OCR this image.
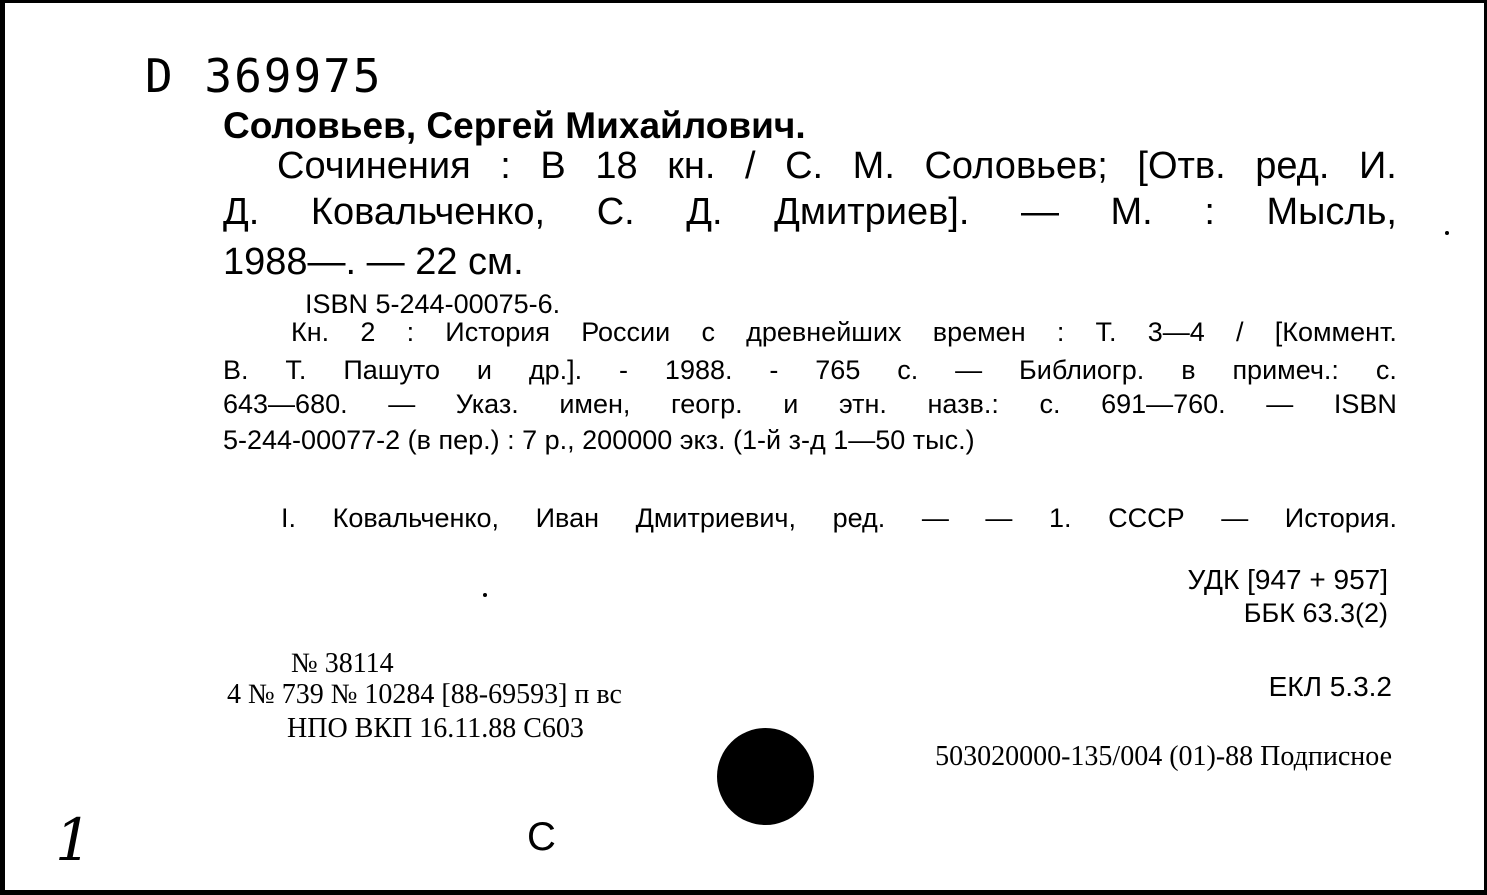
D 369975
Соловьев, Сергей Михайлович.
Сочинения : В 18 кн. / С. М. Соловьев; [Отв. ред. И.
Д. Ковальченко, С. Д. Дмитриев]. — М. : Мысль,
1988—. — 22 см.
ISBN 5-244-00075-6.
Кн. 2 : История России с древнейших времен : Т. 3—4 / [Коммент.
В. Т. Пашуто и др.]. - 1988. - 765 с. — Библиогр. в примеч.: с.
643—680. — Указ. имен, геогр. и этн. назв.: с. 691—760. — ISBN
5-244-00077-2 (в пер.) : 7 р., 200000 экз. (1-й з-д 1—50 тыс.)
I. Ковальченко, Иван Дмитриевич, ред. — — 1. СССР — История.
УДК [947 + 957]
ББК 63.3(2)
ЕКЛ 5.3.2
№ 38114
4 № 739 № 10284 [88-69593] п вс
НПО ВКП 16.11.88 С603
503020000-135/004 (01)-88 Подписное
1	С
